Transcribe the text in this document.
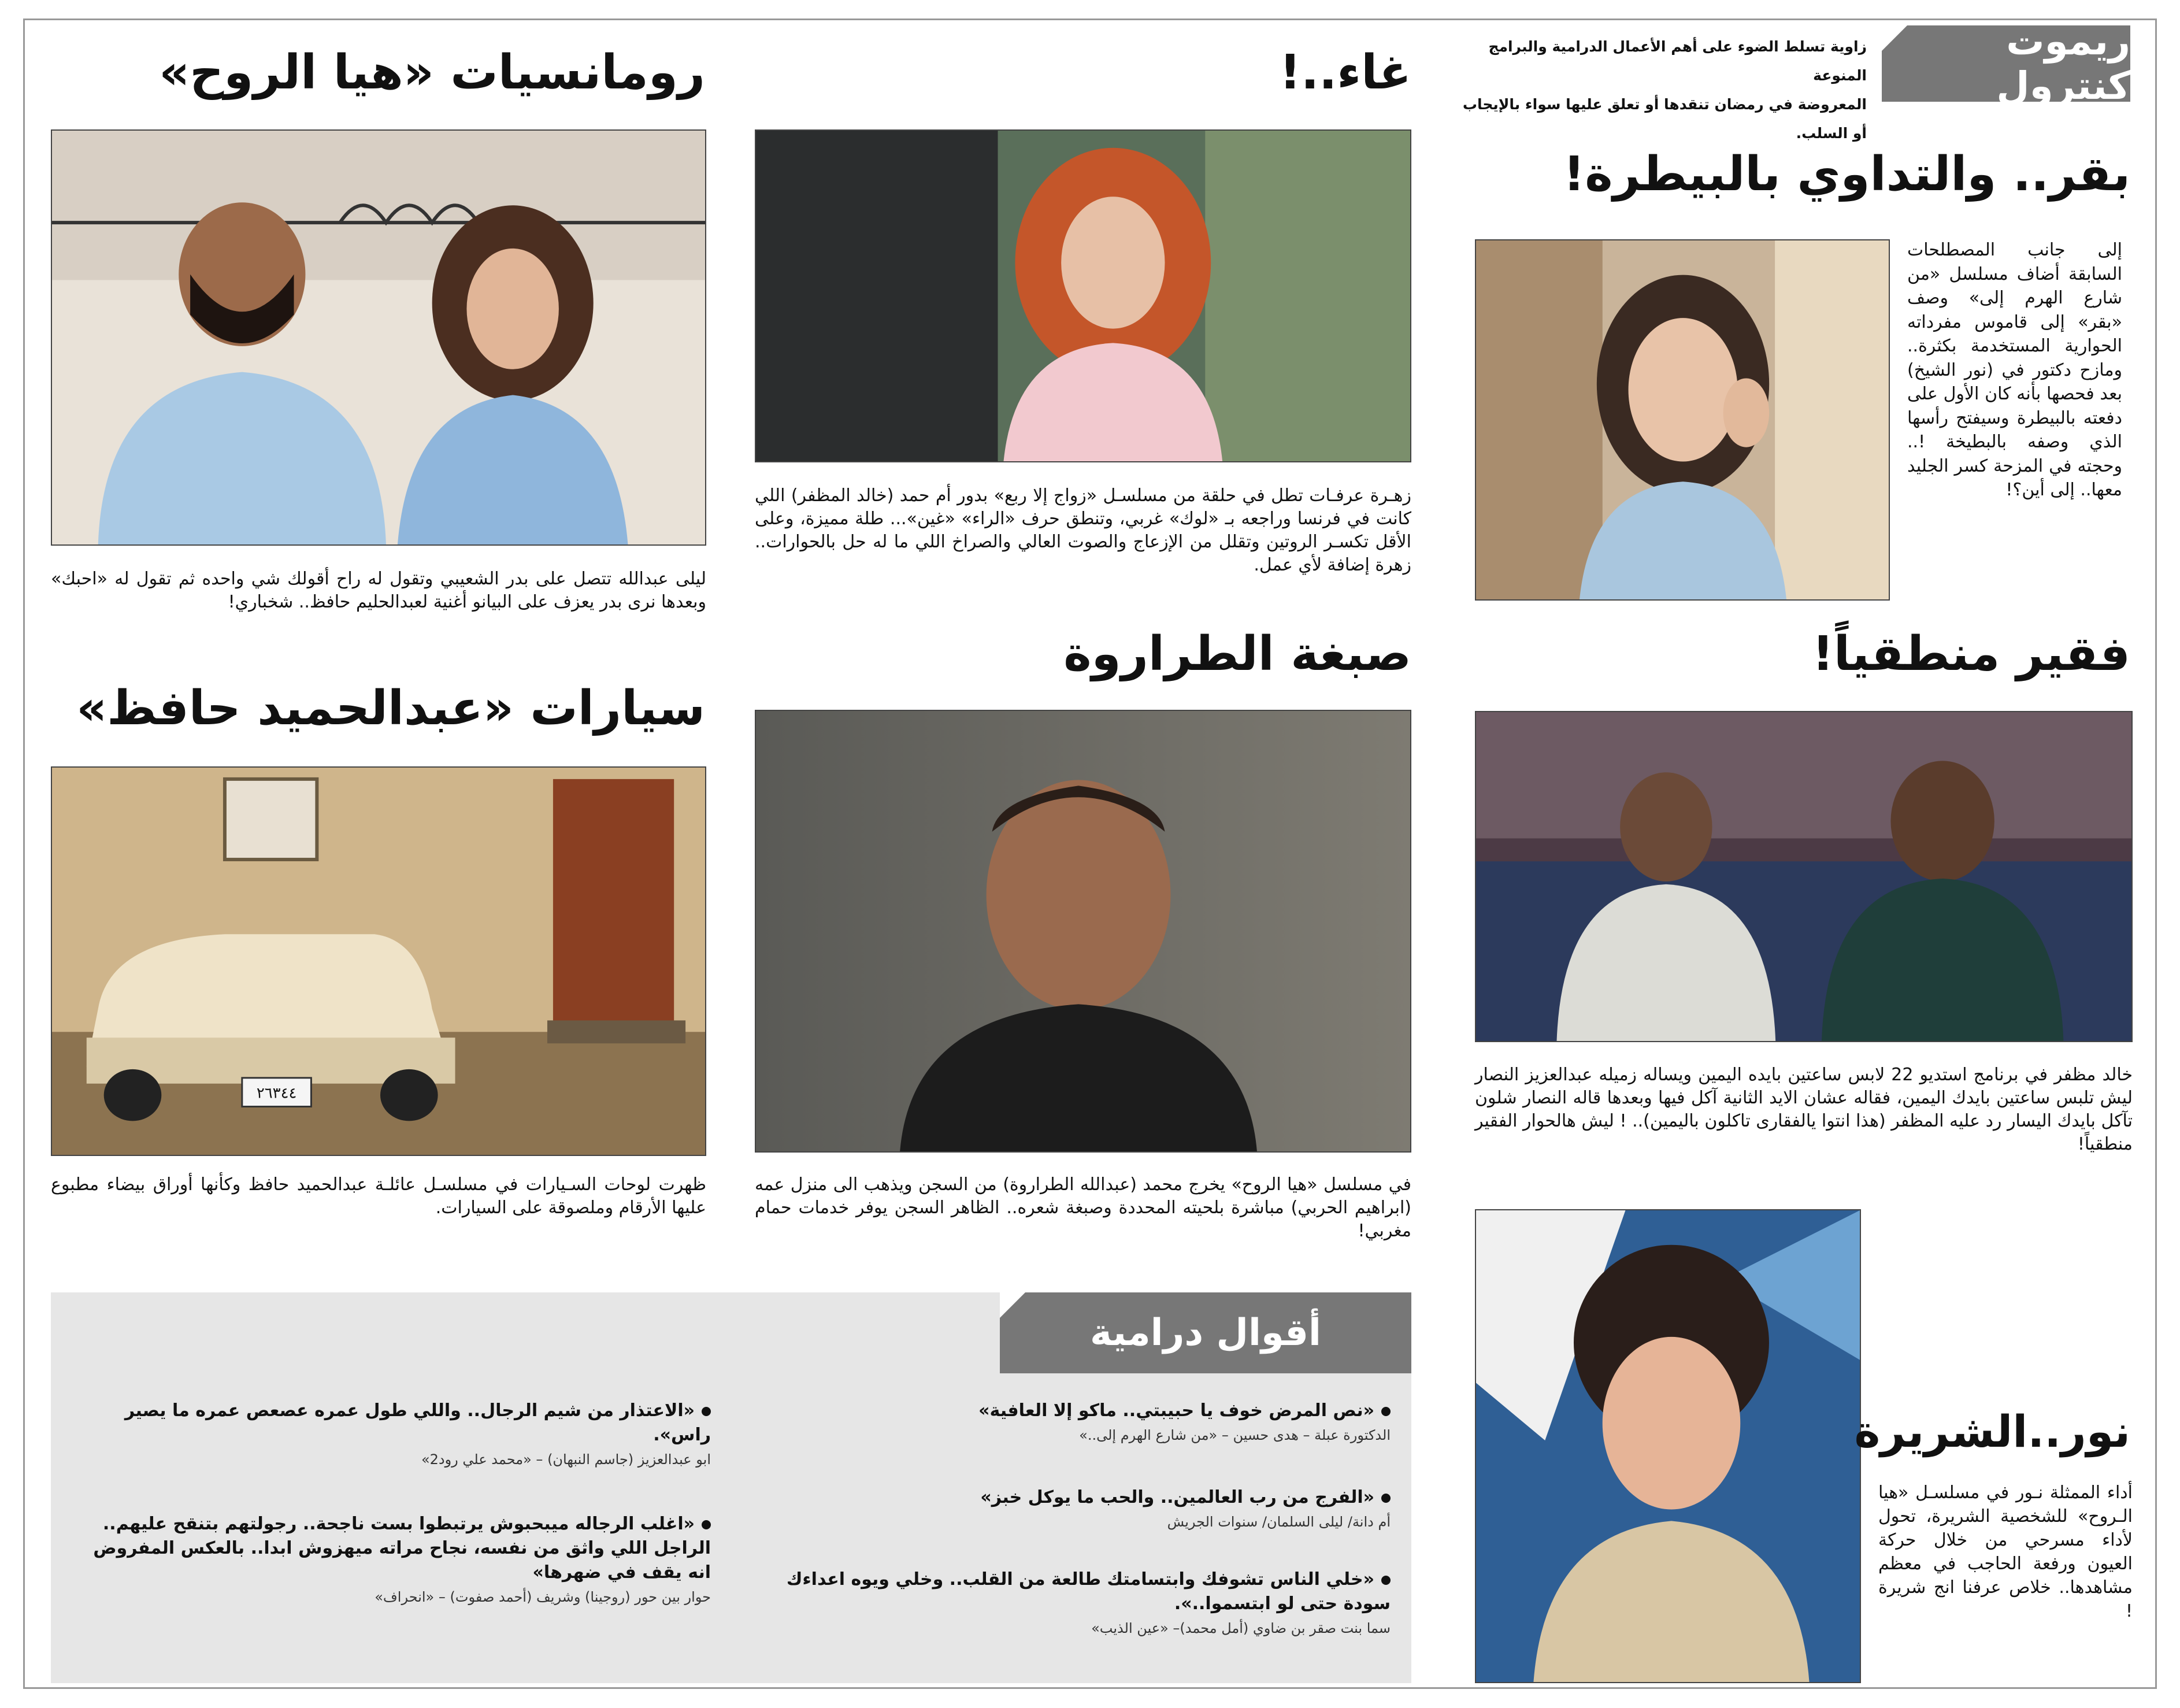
ريموت كنترول
زاوية تسلط الضوء على أهم الأعمال الدرامية والبرامج المنوعة
المعروضة في رمضان تنقدها أو تعلق عليها سواء بالإيجاب أو السلب.
بقر.. والتداوي بالبيطرة!
إلى جانب المصطلحات السابقة أضاف مسلسل «من شارع الهرم إلى» وصف «بقر» إلى قاموس مفرداته الحوارية المستخدمة بكثرة.. ومازح دكتور في (نور الشيخ) بعد فحصها بأنه كان الأول على دفعته بالبيطرة وسيفتح رأسها الذي وصفه بالبطيخة !.. وحجته في المزحة كسر الجليد معها.. إلى أين؟!
فقير منطقياً!
خالد مظفر في برنامج استديو 22 لابس ساعتين بايده اليمين ويساله زميله عبدالعزيز النصار ليش تلبس ساعتين بايدك اليمين، فقاله عشان الايد الثانية آكل فيها وبعدها قاله النصار شلون تآكل بايدك اليسار رد عليه المظفر (هذا انتوا يالفقارى تاكلون باليمين).. ! ليش هالحوار الفقير منطقياً!
نور..الشريرة
أداء الممثلة نـور في مسلسـل «هيا الـروح» للشخصية الشريرة، تحول لأداء مسرحي من خلال حركة العيون ورفعة الحاجب في معظم مشاهدها.. خلاص عرفنا انج شريرة !
غاء..!
زهـرة عرفـات تطل في حلقة من مسلسـل «زواج إلا ربع» بدور أم حمد (خالد المظفر) اللي كانت في فرنسا وراجعه بـ «لوك» غربي، وتنطق حرف «الراء» «غين»... طلة مميزة، وعلى الأقل تكسـر الروتين وتقلل من الإزعاج والصوت العالي والصراخ اللي ما له حل بالحوارات.. زهرة إضافة لأي عمل.
صبغة الطراروة
في مسلسل «هيا الروح» يخرج محمد (عبدالله الطراروة) من السجن ويذهب الى منزل عمه (ابراهيم الحربي) مباشرة بلحيته المحددة وصبغة شعره.. الظاهر السجن يوفر خدمات حمام مغربي!
رومانسيات «هيا الروح»
ليلى عبدالله تتصل على بدر الشعيبي وتقول له راح أقولك شي واحده ثم تقول له «احبك» وبعدها نرى بدر يعزف على البيانو أغنية لعبدالحليم حافظ.. شخباري!
سيارات «عبدالحميد حافظ»
٢٦٣٤٤
ظهرت لوحات السـيارات في مسلسـل عائلـة عبدالحميد حافظ وكأنها أوراق بيضاء مطبوع عليها الأرقام وملصوقة على السيارات.
أقوال درامية
«نص المرض خوف يا حبيبتي.. ماكو إلا العافية»
الدكتورة عبلة – هدى حسين – «من شارع الهرم إلى..»
«الفرج من رب العالمين.. والحب ما يوكل خبز»
أم دانة/ ليلى السلمان/ سنوات الجريش
«خلي الناس تشوفك وابتسامتك طالعة من القلب.. وخلي ويوه اعداءك سودة حتى لو ابتسموا..».
سما بنت صقر بن ضاوي (أمل محمد)– «عين الذيب»
«الاعتذار من شيم الرجال.. واللي طول عمره عصعص عمره ما يصير راس».
ابو عبدالعزيز (جاسم النبهان) – «محمد علي رود2»
«اغلب الرجاله ميبحبوش يرتبطوا بست ناجحة.. رجولتهم بتنقح عليهم.. الراجل اللي واثق من نفسه، نجاح مراته ميهزوش ابدا.. بالعكس المفروض انه يقف في ضهرها»
حوار بين حور (روجينا) وشريف (أحمد صفوت) – «انحراف»
